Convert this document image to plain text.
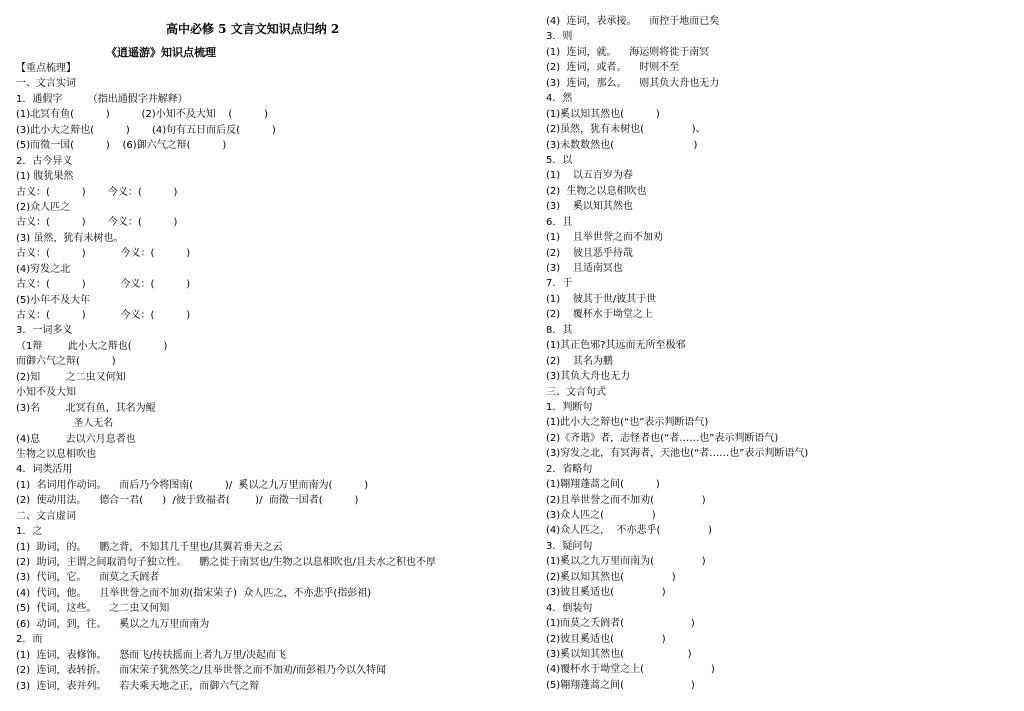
高中必修 5 文言文知识点归纳 2
《逍遥游》知识点梳理
【重点梳理】
一、文言实词
1．通假字        （指出通假字并解释）
(1)北冥有鱼(          )          (2)小知不及大知    (          )
(3)此小大之辩也(          )       (4)旬有五日而后反(          )
(5)而徵一国(          )    (6)御六气之辩(          )
2．古今异义
(1) 腹犹果然
古义：(          )       今义：(          )
(2)众人匹之
古义：(          )       今义：(          )
(3) 虽然，犹有未树也。
古义：(          )           今义：(          )
(4)穷发之北
古义：(          )           今义：(          )
(5)小年不及大年
古义：(          )           今义：(          )
3．一词多义
（1辩        此小大之辩也(          )
而御六气之辩(          )
(2)知        之二虫又何知
小知不及大知
(3)名        北冥有鱼，其名为鲲
圣人无名
(4)息        去以六月息者也
生物之以息相吹也
4．词类活用
(1)  名词用作动词。    而后乃今将图南(          )/  奚以之九万里而南为(          )
(2)  使动用法。    德合一君(      )  /彼于致福者(        )/  而徵一国者(          )
二、文言虚词
1．之
(1)  助词，的。    鹏之背，不知其几千里也/其翼若垂天之云
(2)  助词，主谓之间取消句子独立性。    鹏之徙于南冥也/生物之以息相吹也/且夫水之积也不厚
(3)  代词，它。    而莫之夭阏者
(4)  代词，他。    且举世誉之而不加劝(指宋荣子)  众人匹之，不亦悲乎(指彭祖)
(5)  代词，这些。    之二虫又何知
(6)  动词，到，往。    奚以之九万里而南为
2．而
(1)  连词，表修饰。    怒而飞/抟扶摇而上者九万里/决起而飞
(2)  连词，表转折。    而宋荣子犹然笑之/且举世誉之而不加劝/而彭祖乃今以久特闻
(3)  连词，表并列。    若夫乘天地之正，而御六气之辩
(4)  连词，表承接。    而控于地而已矣
3．则
(1)  连词，就。    海运则将徙于南冥
(2)  连词，或者。    时则不至
(3)  连词，那么。    则其负大舟也无力
4．然
(1)奚以知其然也(          )
(2)虽然，犹有未树也(               )、
(3)未数数然也(                         )
5．以
(1)    以五百岁为春
(2)  生物之以息相吹也
(3)    奚以知其然也
6．且
(1)    且举世誉之而不加劝
(2)    彼且恶乎待哉
(3)    且适南冥也
7．于
(1)    彼其于世/彼其于世
(2)    覆杯水于坳堂之上
8．其
(1)其正色邪?其远而无所至极邪
(2)    其名为鹏
(3)其负大舟也无力
三、文言句式
1．判断句
(1)此小大之辩也(“也”表示判断语气)
(2)《齐谐》者，志怪者也(“者……也”表示判断语气)
(3)穷发之北，有冥海者，天池也(“者……也”表示判断语气)
2．省略句
(1)翱翔蓬蒿之间(          )
(2)且举世誉之而不加劝(               )
(3)众人匹之(               )
(4)众人匹之，  不亦悲乎(               )
3．疑问句
(1)奚以之九万里而南为(               )
(2)奚以知其然也(               )
(3)彼且奚适也(               )
4．倒装句
(1)而莫之夭阏者(                     )
(2)彼且奚适也(               )
(3)奚以知其然也(                    )
(4)覆杯水于坳堂之上(                     )
(5)翱翔蓬蒿之间(                     )
